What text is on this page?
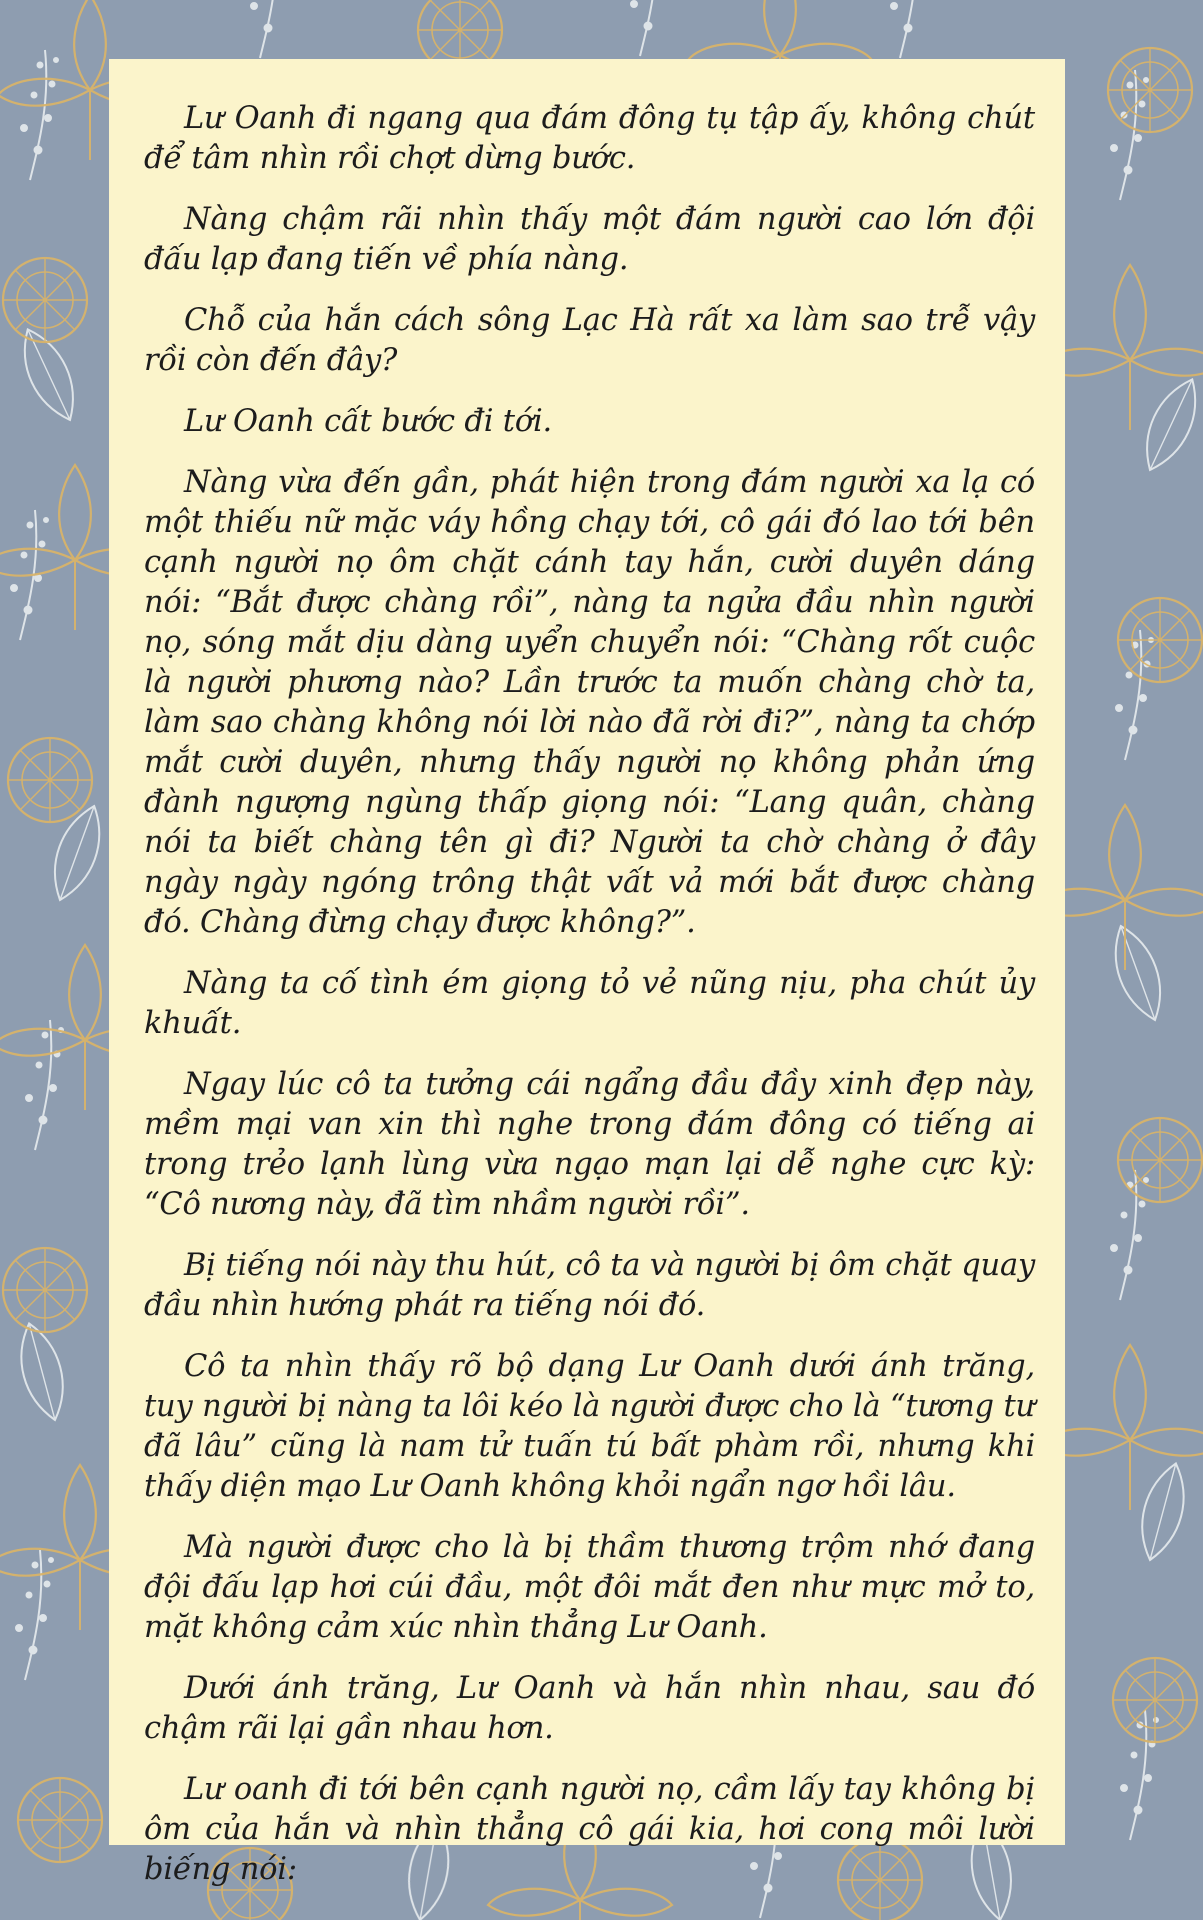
Lư Oanh đi ngang qua đám đông tụ tập ấy, không chút để tâm nhìn rồi chợt dừng bước.

Nàng chậm rãi nhìn thấy một đám người cao lớn đội đấu lạp đang tiến về phía nàng.

Chỗ của hắn cách sông Lạc Hà rất xa làm sao trễ vậy rồi còn đến đây?

Lư Oanh cất bước đi tới.

Nàng vừa đến gần, phát hiện trong đám người xa lạ có một thiếu nữ mặc váy hồng chạy tới, cô gái đó lao tới bên cạnh người nọ ôm chặt cánh tay hắn, cười duyên dáng nói: “Bắt được chàng rồi”, nàng ta ngửa đầu nhìn người nọ, sóng mắt dịu dàng uyển chuyển nói: “Chàng rốt cuộc là người phương nào? Lần trước ta muốn chàng chờ ta, làm sao chàng không nói lời nào đã rời đi?”, nàng ta chớp mắt cười duyên, nhưng thấy người nọ không phản ứng đành ngượng ngùng thấp giọng nói: “Lang quân, chàng nói ta biết chàng tên gì đi? Người ta chờ chàng ở đây ngày ngày ngóng trông thật vất vả mới bắt được chàng đó. Chàng đừng chạy được không?”.

Nàng ta cố tình ém giọng tỏ vẻ nũng nịu, pha chút ủy khuất.

Ngay lúc cô ta tưởng cái ngẩng đầu đầy xinh đẹp này, mềm mại van xin thì nghe trong đám đông có tiếng ai trong trẻo lạnh lùng vừa ngạo mạn lại dễ nghe cực kỳ: “Cô nương này, đã tìm nhầm người rồi”.

Bị tiếng nói này thu hút, cô ta và người bị ôm chặt quay đầu nhìn hướng phát ra tiếng nói đó.

Cô ta nhìn thấy rõ bộ dạng Lư Oanh dưới ánh trăng, tuy người bị nàng ta lôi kéo là người được cho là “tương tư đã lâu” cũng là nam tử tuấn tú bất phàm rồi, nhưng khi thấy diện mạo Lư Oanh không khỏi ngẩn ngơ hồi lâu.

Mà người được cho là bị thầm thương trộm nhớ đang đội đấu lạp hơi cúi đầu, một đôi mắt đen như mực mở to, mặt không cảm xúc nhìn thẳng Lư Oanh.

Dưới ánh trăng, Lư Oanh và hắn nhìn nhau, sau đó chậm rãi lại gần nhau hơn.

Lư oanh đi tới bên cạnh người nọ, cầm lấy tay không bị ôm của hắn và nhìn thẳng cô gái kia, hơi cong môi lười biếng nói:
